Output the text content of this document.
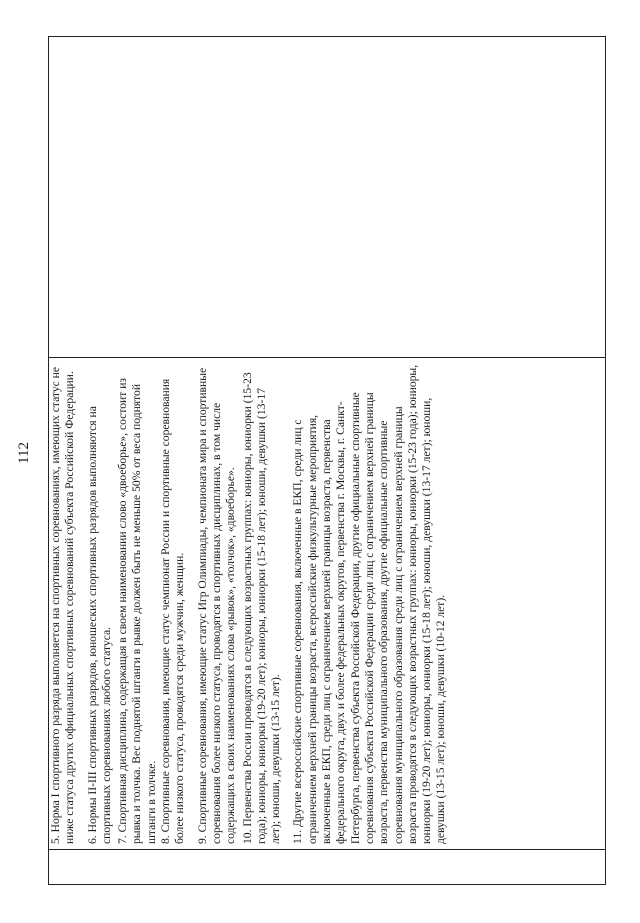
112
	5. Норма I спортивного разряда выполняется на спортивных соревнованиях, имеющих статус не ниже статуса других официальных спортивных соревнований субъекта Российской Федерации. 6. Нормы II-III спортивных разрядов, юношеских спортивных разрядов выполняются на спортивных соревнованиях любого статуса. 7. Спортивная дисциплина, содержащая в своем наименовании слово «двоеборье», состоит из рывка и толчка. Вес поднятой штанги в рывке должен быть не меньше 50% от веса поднятой штанги в толчке. 8. Спортивные соревнования, имеющие статус чемпионат России и спортивные соревнования более низкого статуса, проводятся среди мужчин, женщин. 9. Спортивные соревнования, имеющие статус Игр Олимпиады, чемпионата мира и спортивные соревнования более низкого статуса, проводятся в спортивных дисциплинах, в том числе содержащих в своих наименованиях слова «рывок», «толчок», «двоеборье». 10. Первенства России проводятся в следующих возрастных группах: юниоры, юниорки (15-23 года); юниоры, юниорки (19-20 лет); юниоры, юниорки (15-18 лет); юноши, девушки (13-17 лет); юноши, девушки (13-15 лет). 11. Другие всероссийские спортивные соревнования, включенные в ЕКП, среди лиц с ограничением верхней границы возраста, всероссийские физкультурные мероприятия, включенные в ЕКП, среди лиц с ограничением верхней границы возраста, первенства федерального округа, двух и более федеральных округов, первенства г. Москвы, г. Санкт-Петербурга, первенства субъекта Российской Федерации, другие официальные спортивные соревнования субъекта Российской Федерации среди лиц с ограничением верхней границы возраста, первенства муниципального образования, другие официальные спортивные соревнования муниципального образования среди лиц с ограничением верхней границы возраста проводятся в следующих возрастных группах: юниоры, юниорки (15-23 года); юниоры, юниорки (19-20 лет); юниоры, юниорки (15-18 лет); юноши, девушки (13-17 лет); юноши, девушки (13-15 лет); юноши, девушки (10-12 лет).
